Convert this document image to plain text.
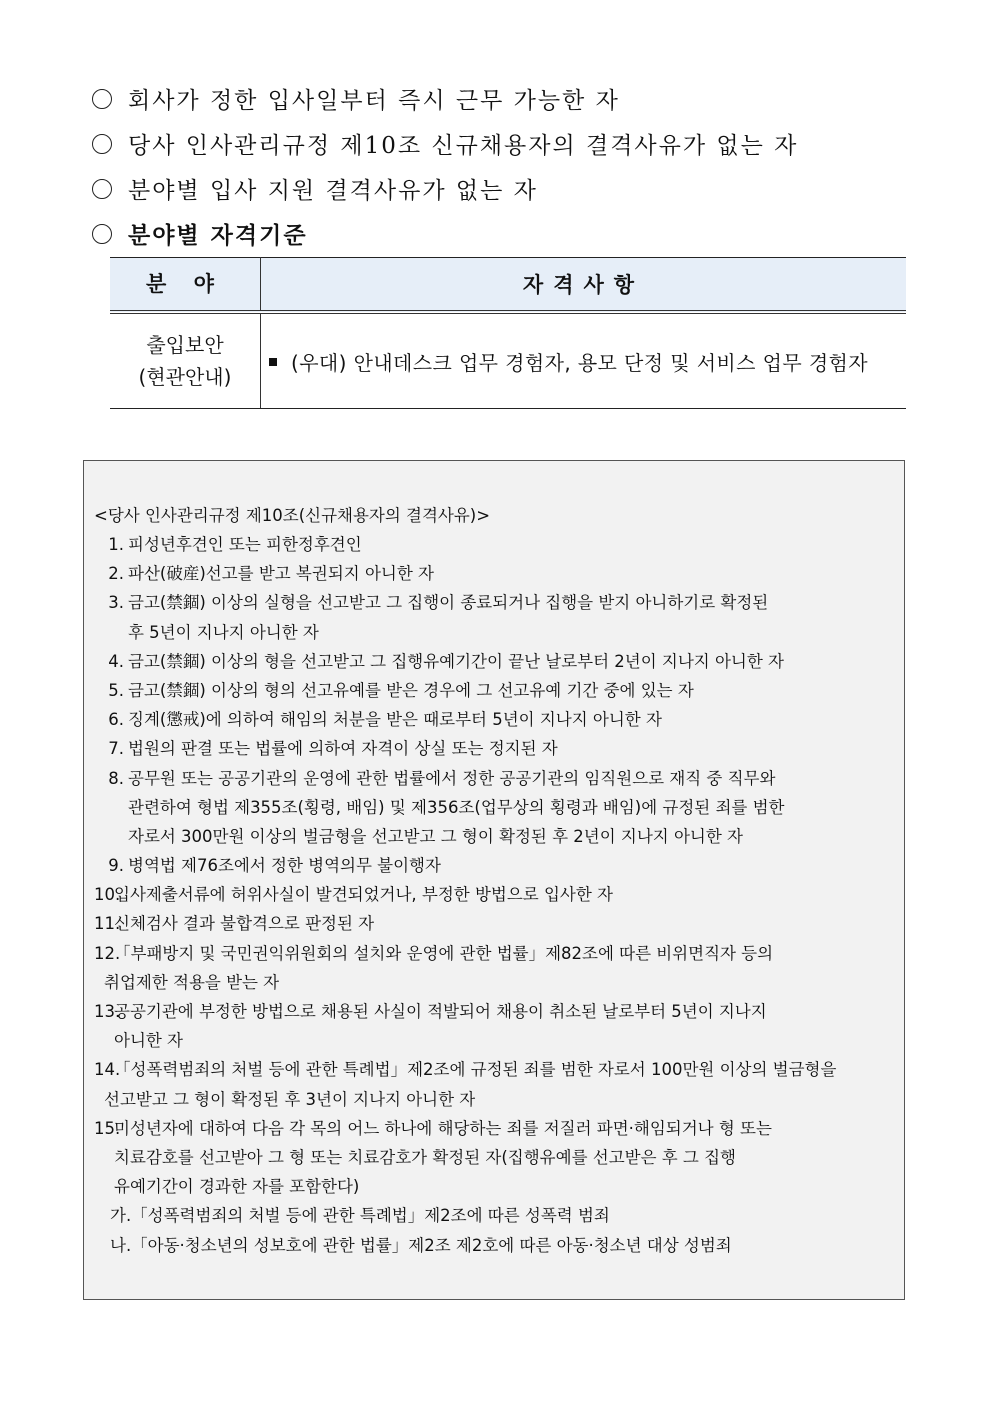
회사가 정한 입사일부터 즉시 근무 가능한 자
당사 인사관리규정 제10조 신규채용자의 결격사유가 없는 자
분야별 입사 지원 결격사유가 없는 자
분야별 자격기준
분 야	자격사항

출입보안
(현관안내)	(우대) 안내데스크 업무 경험자, 용모 단정 및 서비스 업무 경험자
<당사 인사관리규정 제10조(신규채용자의 결격사유)>
1. 피성년후견인 또는 피한정후견인
2. 파산(破産)선고를 받고 복권되지 아니한 자
3. 금고(禁錮) 이상의 실형을 선고받고 그 집행이 종료되거나 집행을 받지 아니하기로 확정된
후 5년이 지나지 아니한 자
4. 금고(禁錮) 이상의 형을 선고받고 그 집행유예기간이 끝난 날로부터 2년이 지나지 아니한 자
5. 금고(禁錮) 이상의 형의 선고유예를 받은 경우에 그 선고유예 기간 중에 있는 자
6. 징계(懲戒)에 의하여 해임의 처분을 받은 때로부터 5년이 지나지 아니한 자
7. 법원의 판결 또는 법률에 의하여 자격이 상실 또는 정지된 자
8. 공무원 또는 공공기관의 운영에 관한 법률에서 정한 공공기관의 임직원으로 재직 중 직무와
관련하여 형법 제355조(횡령, 배임) 및 제356조(업무상의 횡령과 배임)에 규정된 죄를 범한
자로서 300만원 이상의 벌금형을 선고받고 그 형이 확정된 후 2년이 지나지 아니한 자
9. 병역법 제76조에서 정한 병역의무 불이행자
10.
입사제출서류에 허위사실이 발견되었거나, 부정한 방법으로 입사한 자
11.
신체검사 결과 불합격으로 판정된 자
12.
「부패방지 및 국민권익위원회의 설치와 운영에 관한 법률」제82조에 따른 비위면직자 등의
취업제한 적용을 받는 자
13.
공공기관에 부정한 방법으로 채용된 사실이 적발되어 채용이 취소된 날로부터 5년이 지나지
아니한 자
14.
「성폭력범죄의 처벌 등에 관한 특례법」제2조에 규정된 죄를 범한 자로서 100만원 이상의 벌금형을
선고받고 그 형이 확정된 후 3년이 지나지 아니한 자
15.
미성년자에 대하여 다음 각 목의 어느 하나에 해당하는 죄를 저질러 파면·해임되거나 형 또는
치료감호를 선고받아 그 형 또는 치료감호가 확정된 자(집행유예를 선고받은 후 그 집행
유예기간이 경과한 자를 포함한다)
가.「성폭력범죄의 처벌 등에 관한 특례법」제2조에 따른 성폭력 범죄
나.「아동·청소년의 성보호에 관한 법률」제2조 제2호에 따른 아동·청소년 대상 성범죄
